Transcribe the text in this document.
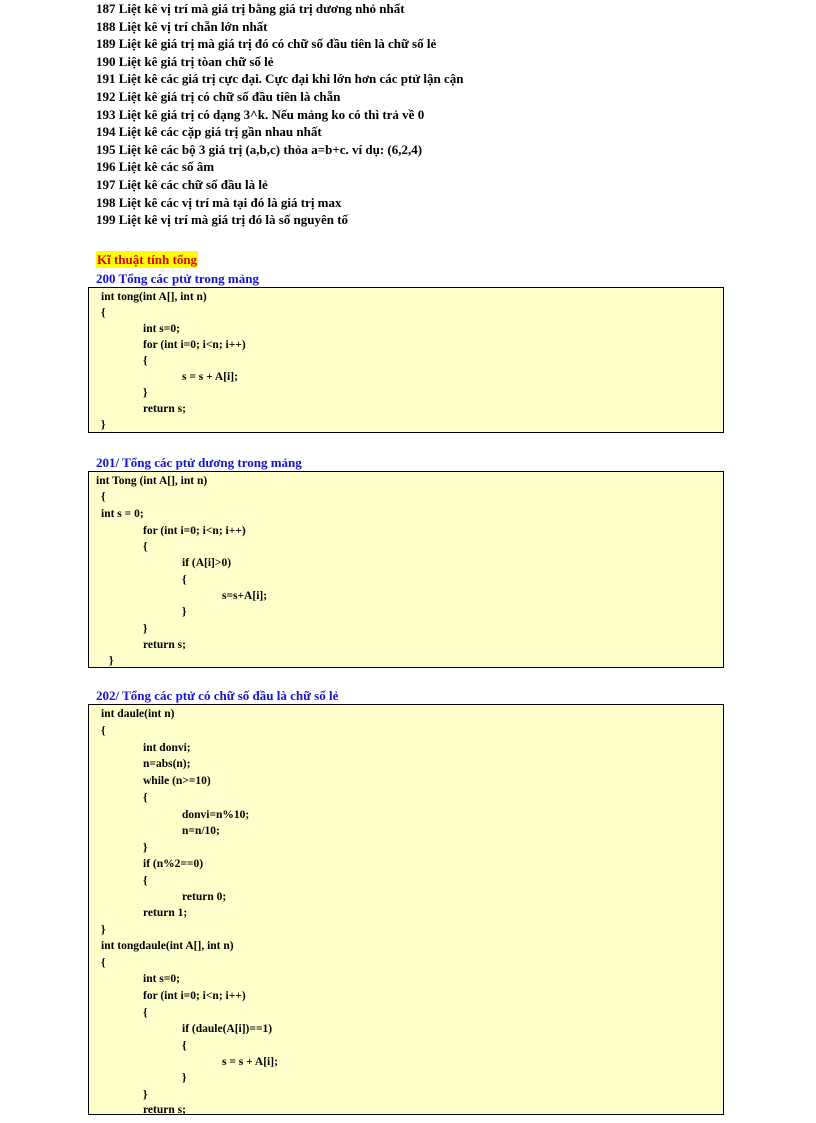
187 Liệt kê vị trí mà giá trị bằng giá trị dương nhỏ nhất
188 Liệt kê vị trí chẵn lớn nhất
189 Liệt kê giá trị mà giá trị đó có chữ số đầu tiên là chữ số lẻ
190 Liệt kê giá trị tòan chữ số lẻ
191 Liệt kê các giá trị cực đại. Cực đại khi lớn hơn các ptử lận cận
192 Liệt kê giá trị có chữ số đầu tiên là chẵn
193 Liệt kê giá trị có dạng 3^k. Nếu mảng ko có thì trả về 0
194 Liệt kê các cặp giá trị gần nhau nhất
195 Liệt kê các bộ 3 giá trị (a,b,c) thỏa a=b+c. ví dụ: (6,2,4)
196 Liệt kê các số âm
197 Liệt kê các chữ số đầu là lẻ
198 Liệt kê các vị trí mà tại đó là giá trị max
199 Liệt kê vị trí mà giá trị đó là số nguyên tố
Kĩ thuật tính tổng
200 Tổng các ptử trong mảng
int tong(int A[], int n)
{
int s=0;
for (int i=0; i<n; i++)
{
s = s + A[i];
}
return s;
}
201/ Tổng các ptử dương trong mảng
int Tong (int A[], int n)
{
int s = 0;
for (int i=0; i<n; i++)
{
if (A[i]>0)
{
s=s+A[i];
}
}
return s;
}
202/ Tổng các ptử có chữ số đầu là chữ số lẻ
int daule(int n)
{
int donvi;
n=abs(n);
while (n>=10)
{
donvi=n%10;
n=n/10;
}
if (n%2==0)
{
return 0;
return 1;
}
int tongdaule(int A[], int n)
{
int s=0;
for (int i=0; i<n; i++)
{
if (daule(A[i])==1)
{
s = s + A[i];
}
}
return s;
